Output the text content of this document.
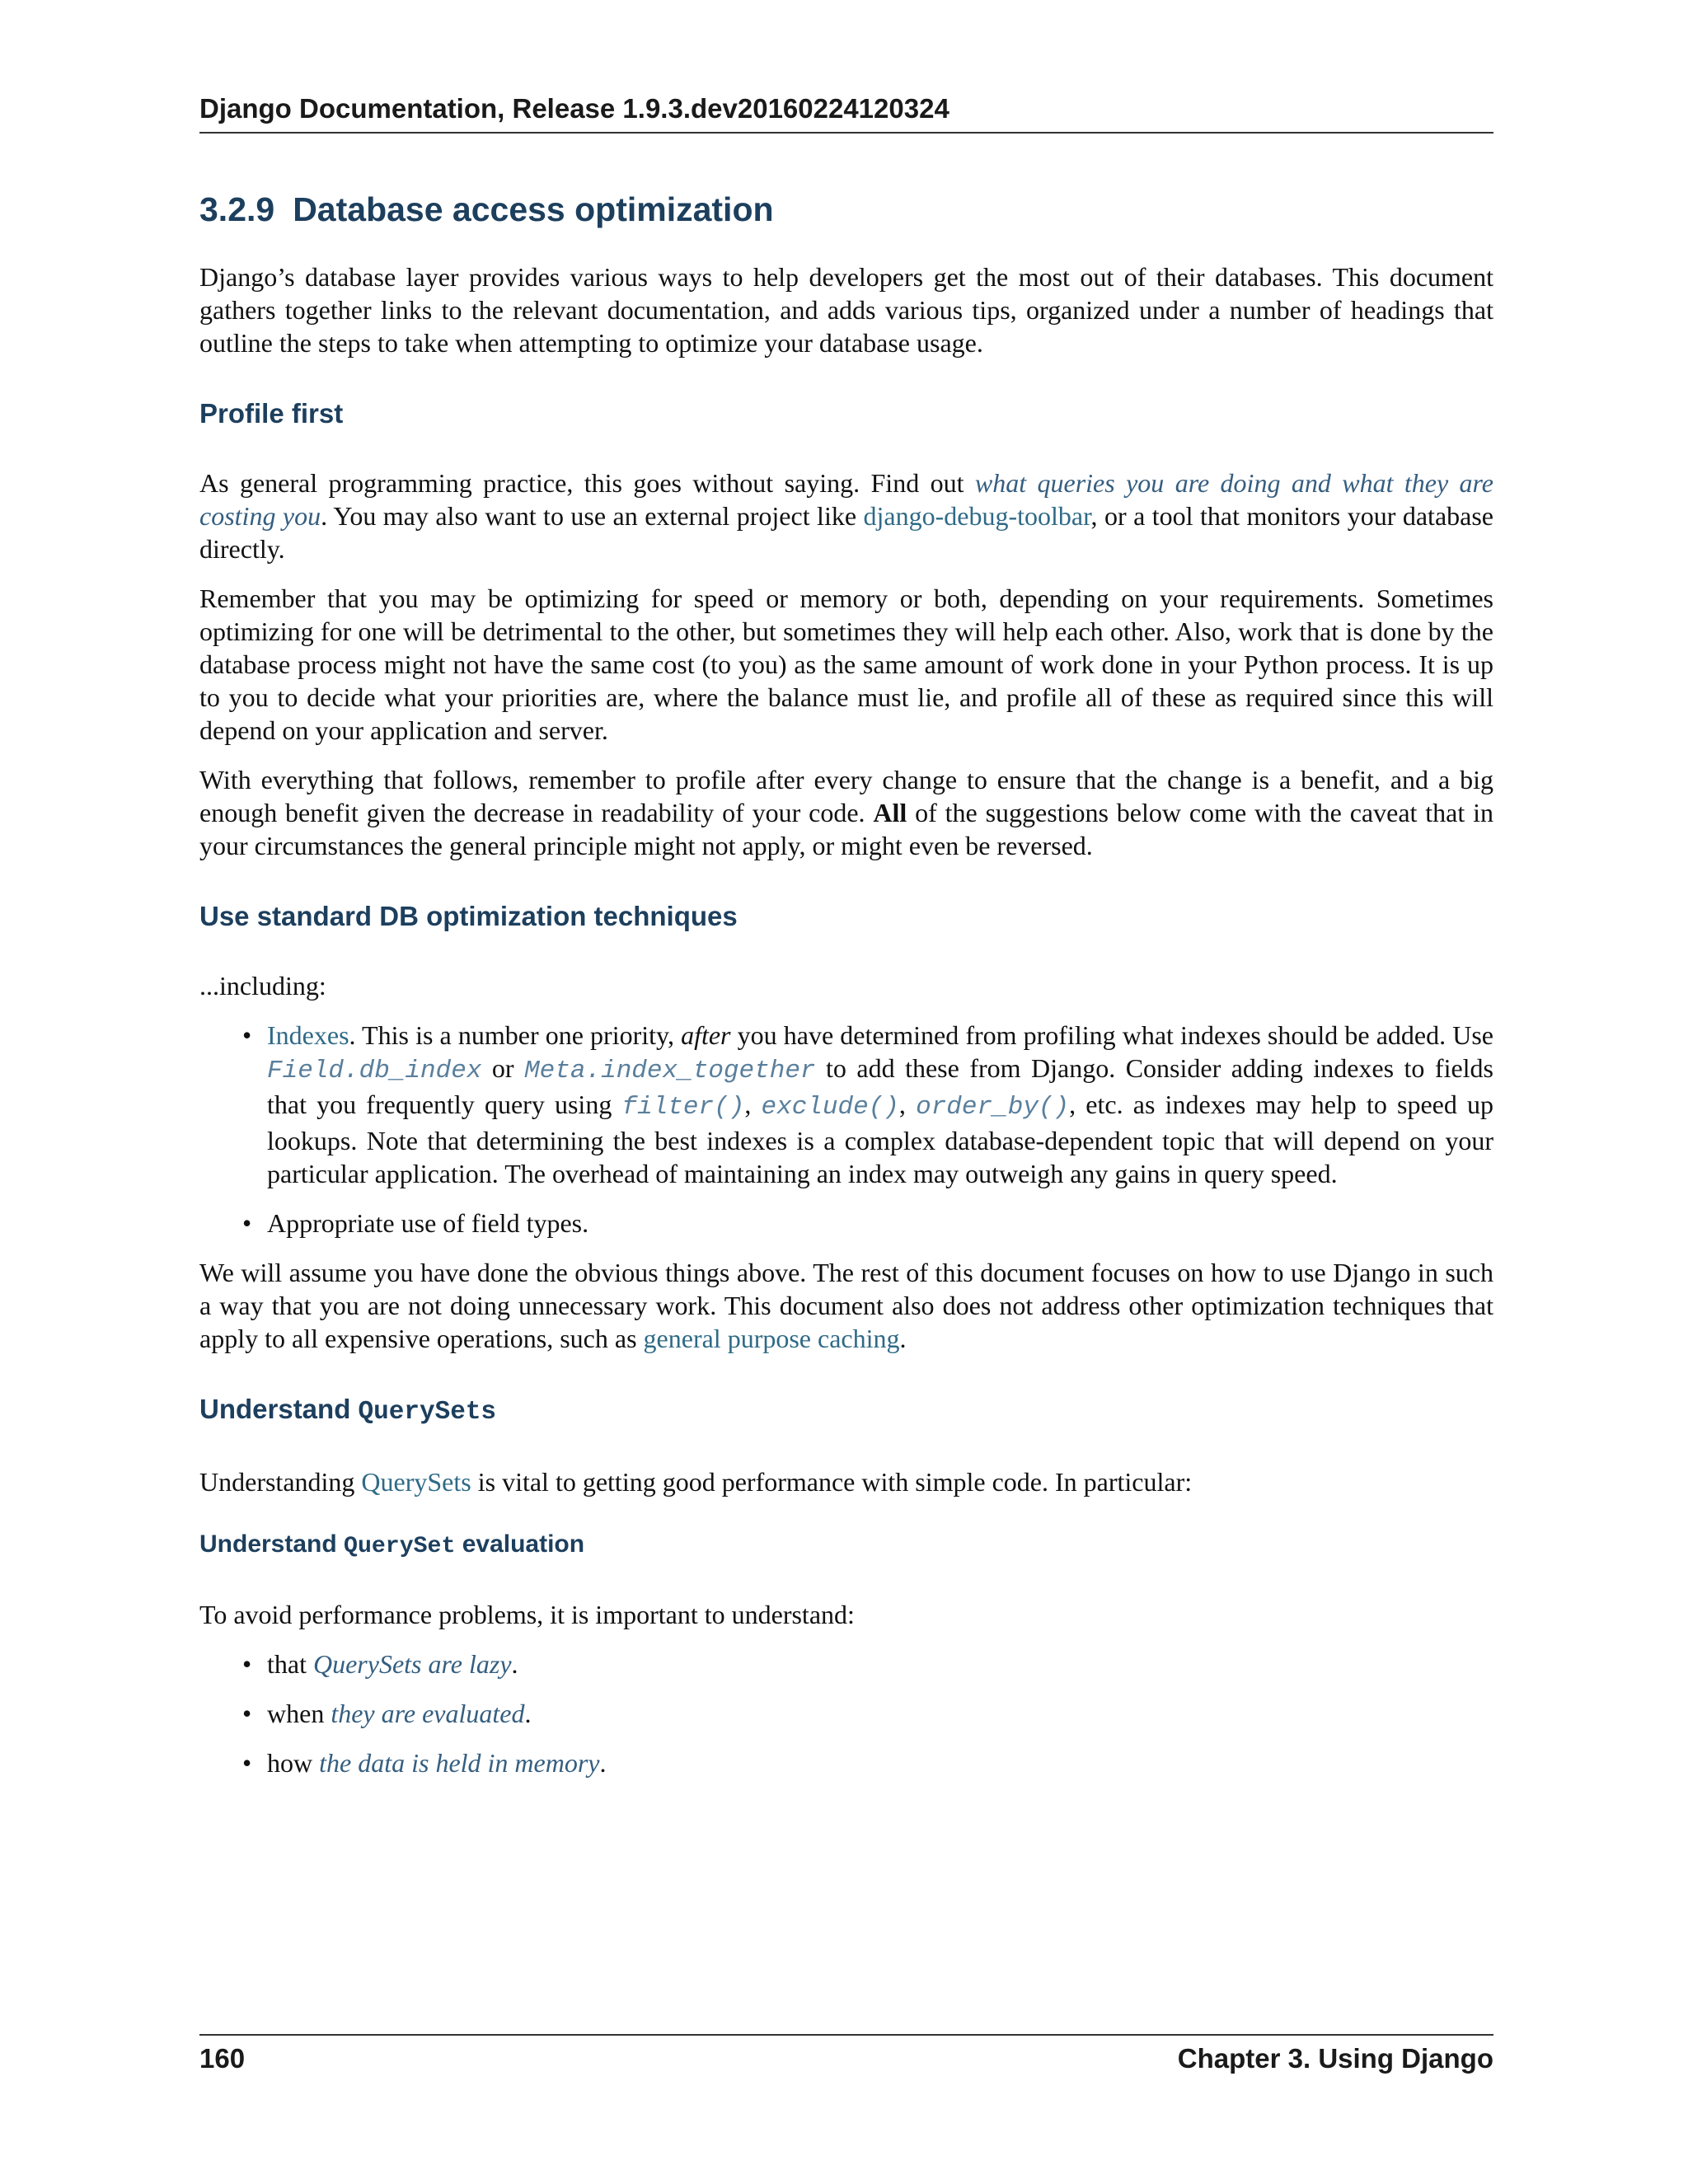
Django Documentation, Release 1.9.3.dev20160224120324
3.2.9 Database access optimization

Django’s database layer provides various ways to help developers get the most out of their databases. This document gathers together links to the relevant documentation, and adds various tips, organized under a number of headings that outline the steps to take when attempting to optimize your database usage.

Profile first

As general programming practice, this goes without saying. Find out what queries you are doing and what they are costing you. You may also want to use an external project like django-debug-toolbar, or a tool that monitors your database directly.

Remember that you may be optimizing for speed or memory or both, depending on your requirements. Sometimes optimizing for one will be detrimental to the other, but sometimes they will help each other. Also, work that is done by the database process might not have the same cost (to you) as the same amount of work done in your Python process. It is up to you to decide what your priorities are, where the balance must lie, and profile all of these as required since this will depend on your application and server.

With everything that follows, remember to profile after every change to ensure that the change is a benefit, and a big enough benefit given the decrease in readability of your code. All of the suggestions below come with the caveat that in your circumstances the general principle might not apply, or might even be reversed.

Use standard DB optimization techniques

...including:

• Indexes. This is a number one priority, after you have determined from profiling what indexes should be added. Use Field.db_index or Meta.index_together to add these from Django. Consider adding indexes to fields that you frequently query using filter(), exclude(), order_by(), etc. as indexes may help to speed up lookups. Note that determining the best indexes is a complex database-dependent topic that will depend on your particular application. The overhead of maintaining an index may outweigh any gains in query speed.
• Appropriate use of field types.

We will assume you have done the obvious things above. The rest of this document focuses on how to use Django in such a way that you are not doing unnecessary work. This document also does not address other optimization techniques that apply to all expensive operations, such as general purpose caching.

Understand QuerySets

Understanding QuerySets is vital to getting good performance with simple code. In particular:

Understand QuerySet evaluation

To avoid performance problems, it is important to understand:

• that QuerySets are lazy.
• when they are evaluated.
• how the data is held in memory.
160	Chapter 3. Using Django
